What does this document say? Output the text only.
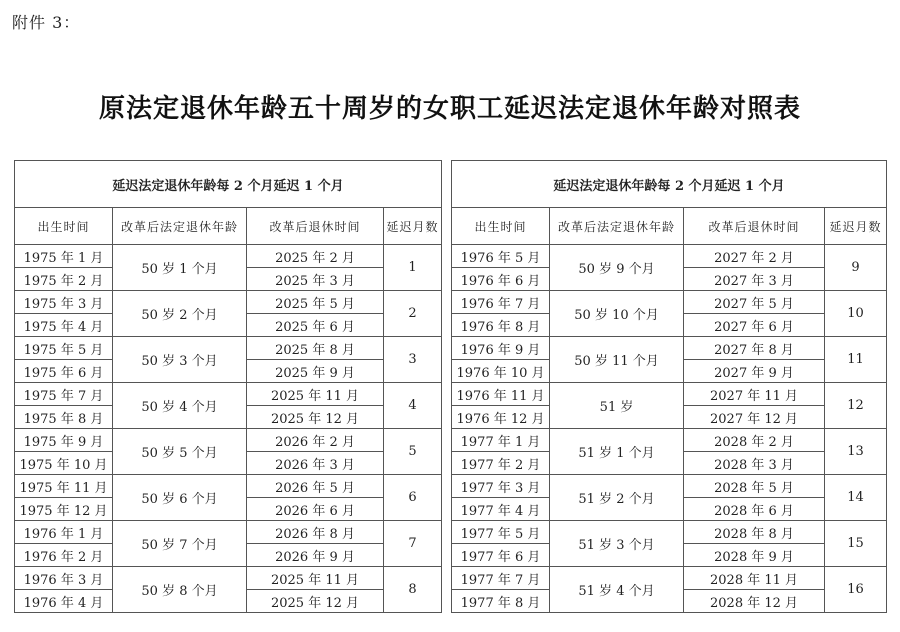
附件 3：
原法定退休年龄五十周岁的女职工延迟法定退休年龄对照表
延迟法定退休年龄每 2 个月延迟 1 个月					延迟法定退休年龄每 2 个月延迟 1 个月			
出生时间	改革后法定退休年龄	改革后退休时间	延迟月数		出生时间	改革后法定退休年龄	改革后退休时间	延迟月数
1975 年 1 月	50 岁 1 个月	2025 年 2 月	1		1976 年 5 月	50 岁 9 个月	2027 年 2 月	9
1975 年 2 月		2025 年 3 月			1976 年 6 月		2027 年 3 月	
1975 年 3 月	50 岁 2 个月	2025 年 5 月	2		1976 年 7 月	50 岁 10 个月	2027 年 5 月	10
1975 年 4 月		2025 年 6 月			1976 年 8 月		2027 年 6 月	
1975 年 5 月	50 岁 3 个月	2025 年 8 月	3		1976 年 9 月	50 岁 11 个月	2027 年 8 月	11
1975 年 6 月		2025 年 9 月			1976 年 10 月		2027 年 9 月	
1975 年 7 月	50 岁 4 个月	2025 年 11 月	4		1976 年 11 月	51 岁	2027 年 11 月	12
1975 年 8 月		2025 年 12 月			1976 年 12 月		2027 年 12 月	
1975 年 9 月	50 岁 5 个月	2026 年 2 月	5		1977 年 1 月	51 岁 1 个月	2028 年 2 月	13
1975 年 10 月		2026 年 3 月			1977 年 2 月		2028 年 3 月	
1975 年 11 月	50 岁 6 个月	2026 年 5 月	6		1977 年 3 月	51 岁 2 个月	2028 年 5 月	14
1975 年 12 月		2026 年 6 月			1977 年 4 月		2028 年 6 月	
1976 年 1 月	50 岁 7 个月	2026 年 8 月	7		1977 年 5 月	51 岁 3 个月	2028 年 8 月	15
1976 年 2 月		2026 年 9 月			1977 年 6 月		2028 年 9 月	
1976 年 3 月	50 岁 8 个月	2025 年 11 月	8		1977 年 7 月	51 岁 4 个月	2028 年 11 月	16
1976 年 4 月		2025 年 12 月			1977 年 8 月		2028 年 12 月	
